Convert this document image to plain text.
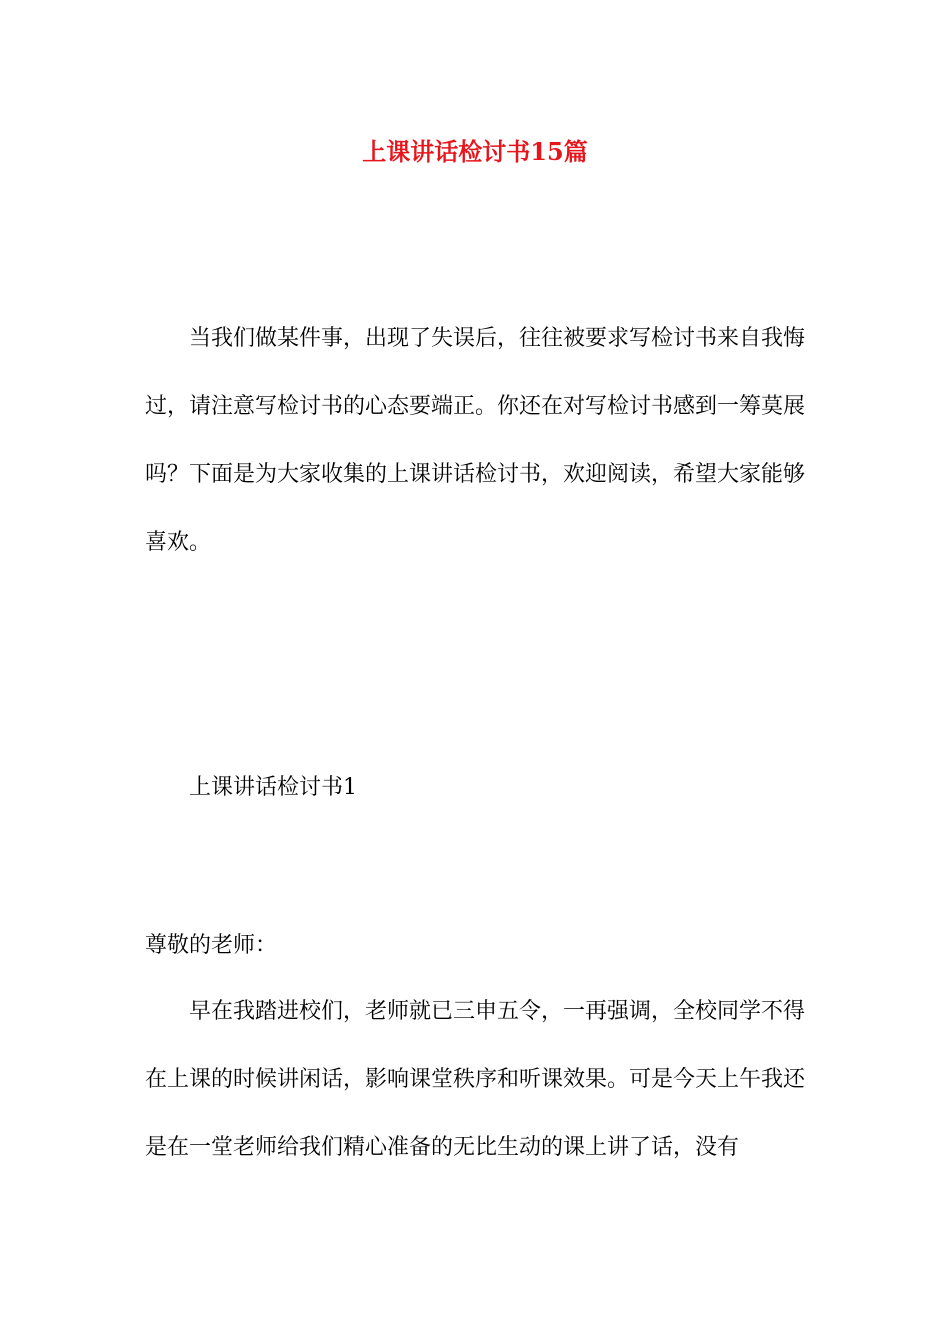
上课讲话检讨书15篇

当我们做某件事，出现了失误后，往往被要求写检讨书来自我悔过，请注意写检讨书的心态要端正。你还在对写检讨书感到一筹莫展吗？下面是为大家收集的上课讲话检讨书，欢迎阅读，希望大家能够喜欢。

上课讲话检讨书1

尊敬的老师：

早在我踏进校们，老师就已三申五令，一再强调，全校同学不得在上课的时候讲闲话，影响课堂秩序和听课效果。可是今天上午我还是在一堂老师给我们精心准备的无比生动的课上讲了话，没有
